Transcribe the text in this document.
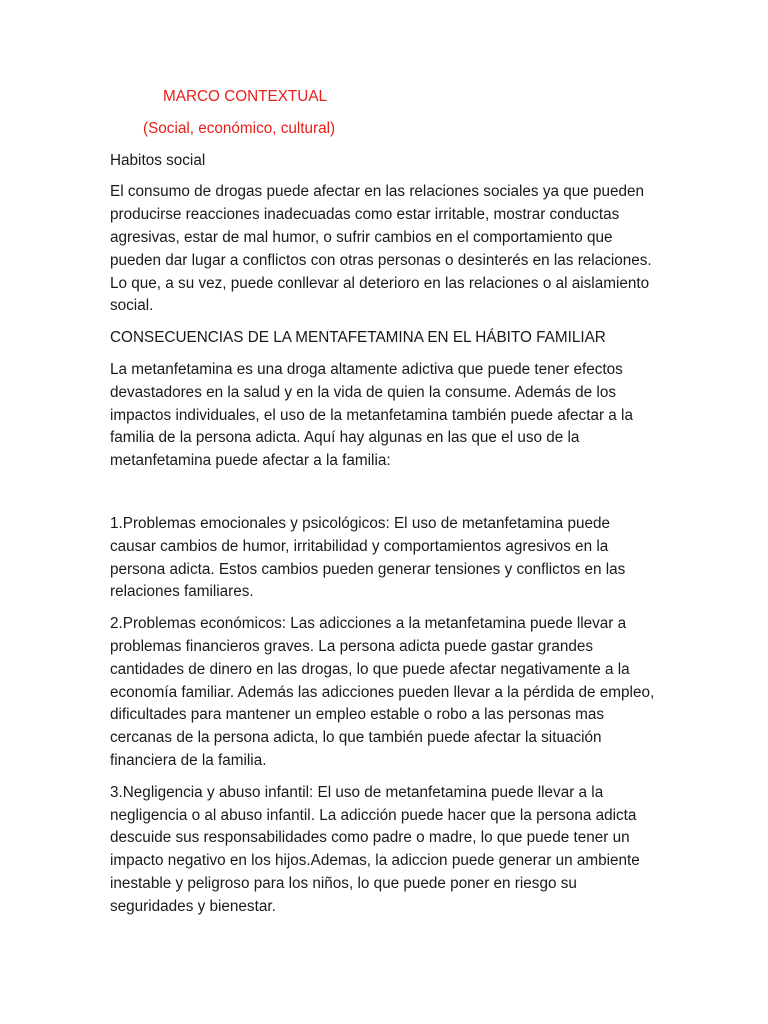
MARCO CONTEXTUAL

(Social, económico, cultural)

Habitos social

El consumo de drogas puede afectar en las relaciones sociales ya que pueden producirse reacciones inadecuadas como estar irritable, mostrar conductas agresivas, estar de mal humor, o sufrir cambios en el comportamiento que pueden dar lugar a conflictos con otras personas o desinterés en las relaciones. Lo que, a su vez, puede conllevar al deterioro en las relaciones o al aislamiento social.

CONSECUENCIAS DE LA MENTAFETAMINA EN EL HÁBITO FAMILIAR

La metanfetamina es una droga altamente adictiva que puede tener efectos devastadores en la salud y en la vida de quien la consume. Además de los impactos individuales, el uso de la metanfetamina también puede afectar a la familia de la persona adicta. Aquí hay algunas en las que el uso de la metanfetamina puede afectar a la familia:

1.Problemas emocionales y psicológicos: El uso de metanfetamina puede causar cambios de humor, irritabilidad y comportamientos agresivos en la persona adicta. Estos cambios pueden generar tensiones y conflictos en las relaciones familiares.

2.Problemas económicos: Las adicciones a la metanfetamina puede llevar a problemas financieros graves. La persona adicta puede gastar grandes cantidades de dinero en las drogas, lo que puede afectar negativamente a la economía familiar. Además las adicciones pueden llevar a la pérdida de empleo, dificultades para mantener un empleo estable o robo a las personas mas cercanas de la persona adicta, lo que también puede afectar la situación financiera de la familia.

3.Negligencia y abuso infantil: El uso de metanfetamina puede llevar a la negligencia o al abuso infantil. La adicción puede hacer que la persona adicta descuide sus responsabilidades como padre o madre, lo que puede tener un impacto negativo en los hijos.Ademas, la adiccion puede generar un ambiente inestable y peligroso para los niños, lo que puede poner en riesgo su seguridades y bienestar.
